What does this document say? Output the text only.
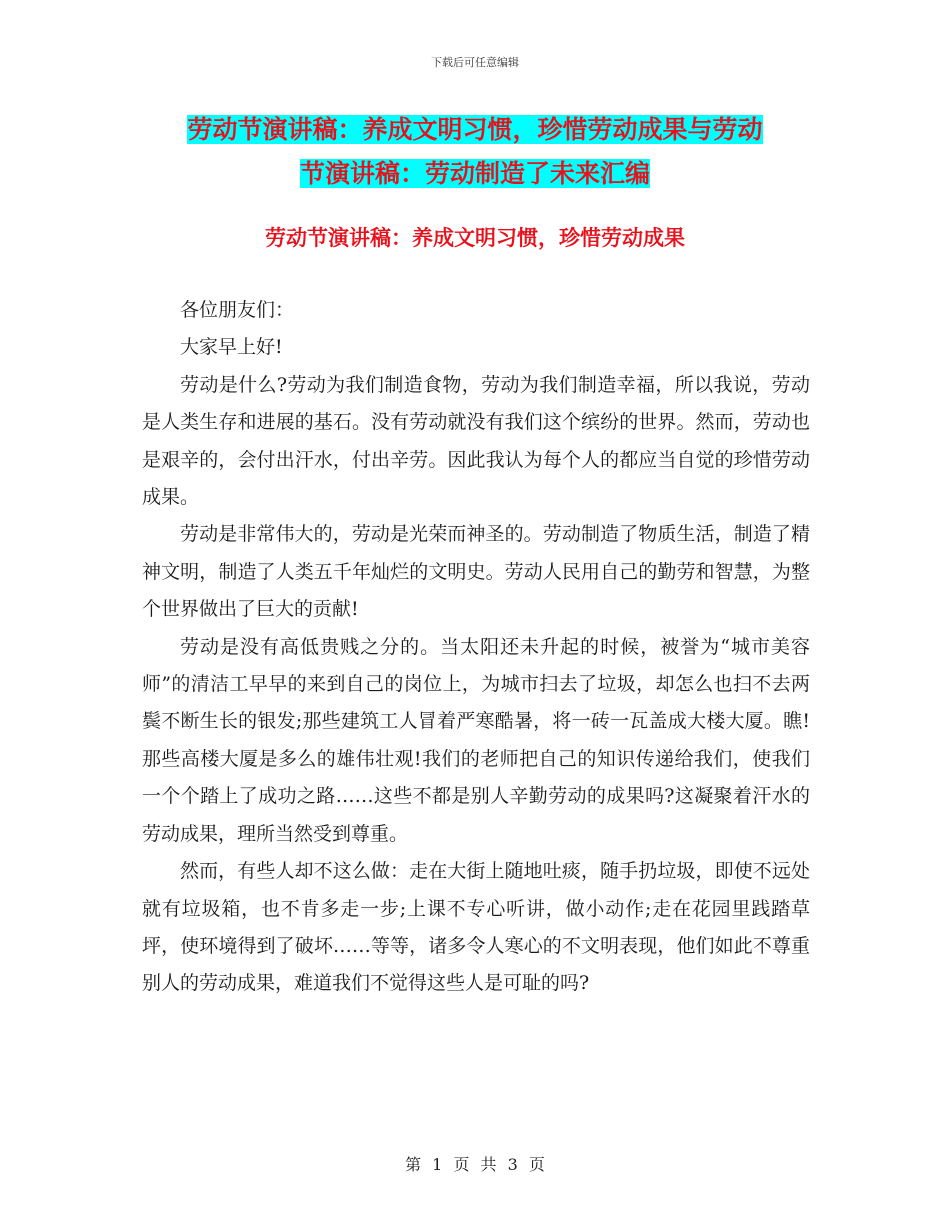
下载后可任意编辑
劳动节演讲稿：养成文明习惯，珍惜劳动成果与劳动
节演讲稿：劳动制造了未来汇编
劳动节演讲稿：养成文明习惯，珍惜劳动成果

各位朋友们：

大家早上好!

劳动是什么?劳动为我们制造食物，劳动为我们制造幸福，所以我说，劳动是人类生存和进展的基石。没有劳动就没有我们这个缤纷的世界。然而，劳动也是艰辛的，会付出汗水，付出辛劳。因此我认为每个人的都应当自觉的珍惜劳动成果。

劳动是非常伟大的，劳动是光荣而神圣的。劳动制造了物质生活，制造了精神文明，制造了人类五千年灿烂的文明史。劳动人民用自己的勤劳和智慧，为整个世界做出了巨大的贡献!

劳动是没有高低贵贱之分的。当太阳还未升起的时候，被誉为“城市美容师”的清洁工早早的来到自己的岗位上，为城市扫去了垃圾，却怎么也扫不去两鬓不断生长的银发;那些建筑工人冒着严寒酷暑，将一砖一瓦盖成大楼大厦。瞧!那些高楼大厦是多么的雄伟壮观!我们的老师把自己的知识传递给我们，使我们一个个踏上了成功之路……这些不都是别人辛勤劳动的成果吗?这凝聚着汗水的劳动成果，理所当然受到尊重。

然而，有些人却不这么做：走在大街上随地吐痰，随手扔垃圾，即使不远处就有垃圾箱，也不肯多走一步;上课不专心听讲，做小动作;走在花园里践踏草坪，使环境得到了破坏……等等，诸多令人寒心的不文明表现，他们如此不尊重别人的劳动成果，难道我们不觉得这些人是可耻的吗?

第 1 页 共 3 页
